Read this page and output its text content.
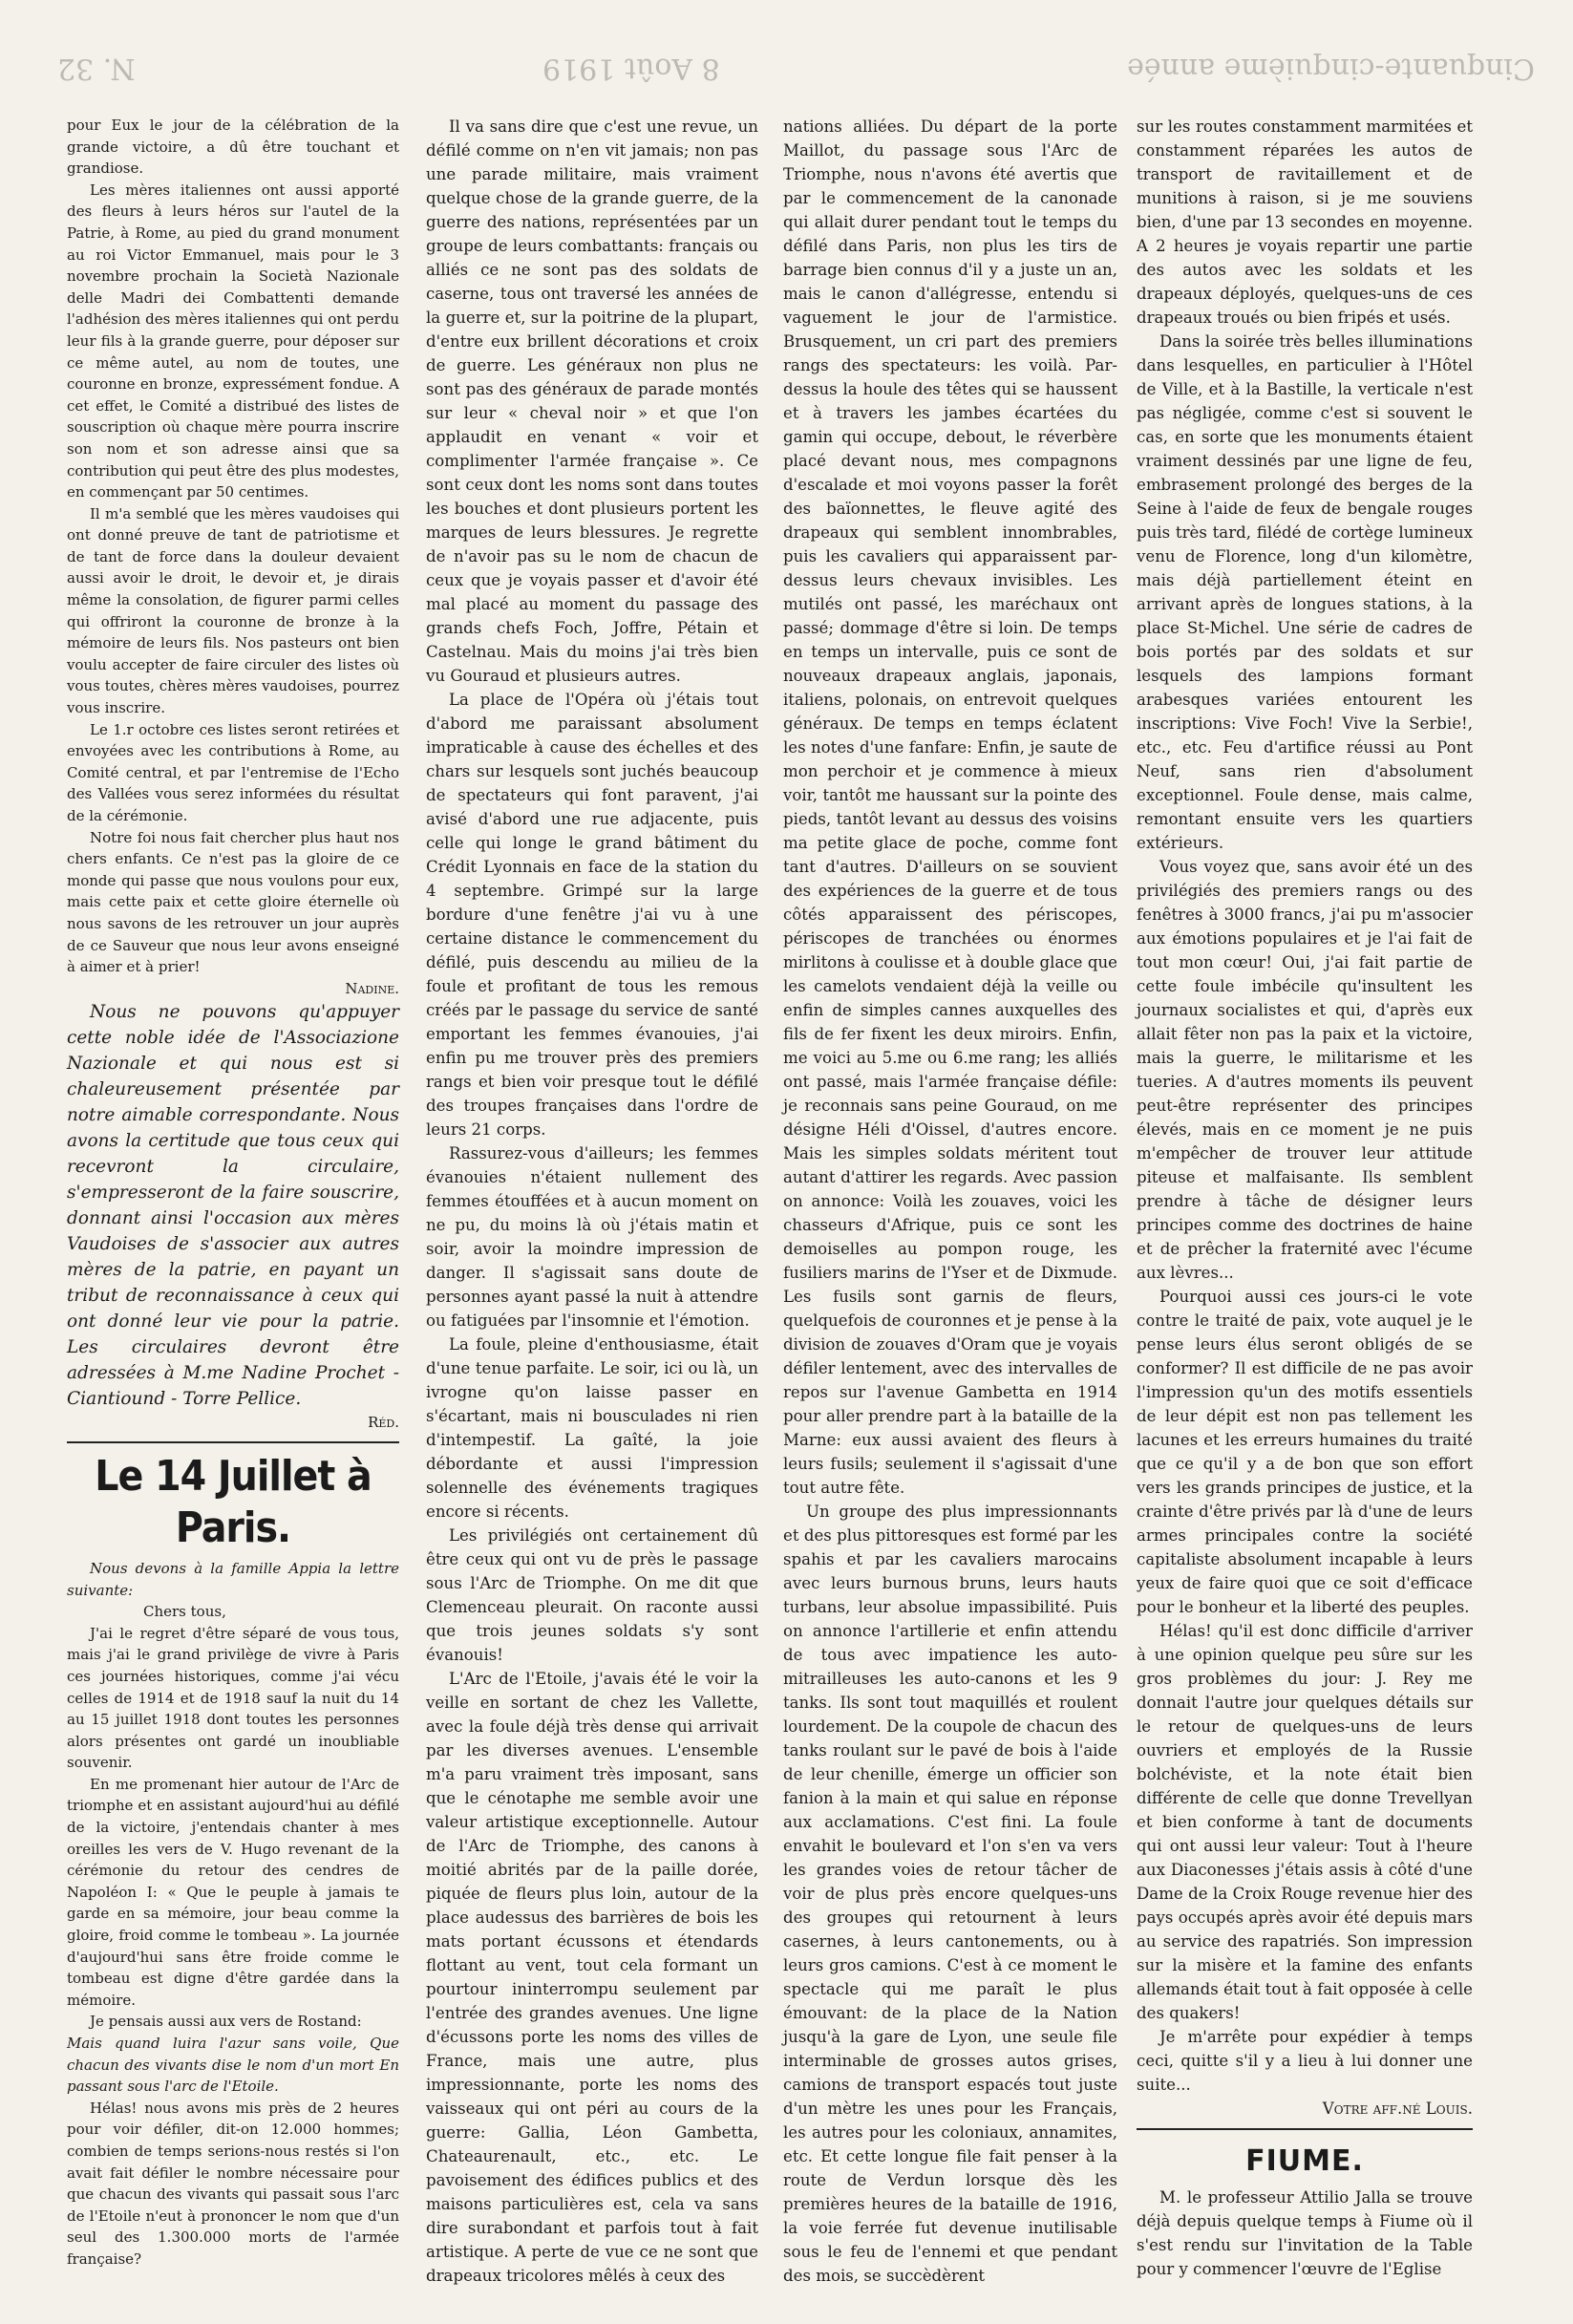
Cinquante-cinquième année
8 Août 1919
N. 32

pour Eux le jour de la célébration de la grande victoire, a dû être touchant et grandiose.

Les mères italiennes ont aussi apporté des fleurs à leurs héros sur l'autel de la Patrie, à Rome, au pied du grand monument au roi Victor Emmanuel, mais pour le 3 novembre prochain la Società Nazionale delle Madri dei Combattenti demande l'adhésion des mères italiennes qui ont perdu leur fils à la grande guerre, pour déposer sur ce même autel, au nom de toutes, une couronne en bronze, expressément fondue. A cet effet, le Comité a distribué des listes de souscription où chaque mère pourra inscrire son nom et son adresse ainsi que sa contribution qui peut être des plus modestes, en commençant par 50 centimes.

Il m'a semblé que les mères vaudoises qui ont donné preuve de tant de patriotisme et de tant de force dans la douleur devaient aussi avoir le droit, le devoir et, je dirais même la consolation, de figurer parmi celles qui offriront la couronne de bronze à la mémoire de leurs fils. Nos pasteurs ont bien voulu accepter de faire circuler des listes où vous toutes, chères mères vaudoises, pourrez vous inscrire.

Le 1.r octobre ces listes seront retirées et envoyées avec les contributions à Rome, au Comité central, et par l'entremise de l'Echo des Vallées vous serez informées du résultat de la cérémonie.

Notre foi nous fait chercher plus haut nos chers enfants. Ce n'est pas la gloire de ce monde qui passe que nous voulons pour eux, mais cette paix et cette gloire éternelle où nous savons de les retrouver un jour auprès de ce Sauveur que nous leur avons enseigné à aimer et à prier!

Nadine.

Nous ne pouvons qu'appuyer cette noble idée de l'Associazione Nazionale et qui nous est si chaleureusement présentée par notre aimable correspondante. Nous avons la certitude que tous ceux qui recevront la circulaire, s'empresseront de la faire souscrire, donnant ainsi l'occasion aux mères Vaudoises de s'associer aux autres mères de la patrie, en payant un tribut de reconnaissance à ceux qui ont donné leur vie pour la patrie. Les circulaires devront être adressées à M.me Nadine Prochet - Ciantiound - Torre Pellice.

Réd.
Le 14 Juillet à Paris.

Nous devons à la famille Appia la lettre suivante:

Chers tous,

J'ai le regret d'être séparé de vous tous, mais j'ai le grand privilège de vivre à Paris ces journées historiques, comme j'ai vécu celles de 1914 et de 1918 sauf la nuit du 14 au 15 juillet 1918 dont toutes les personnes alors présentes ont gardé un inoubliable souvenir.

En me promenant hier autour de l'Arc de triomphe et en assistant aujourd'hui au défilé de la victoire, j'entendais chanter à mes oreilles les vers de V. Hugo revenant de la cérémonie du retour des cendres de Napoléon I: « Que le peuple à jamais te garde en sa mémoire, jour beau comme la gloire, froid comme le tombeau ». La journée d'aujourd'hui sans être froide comme le tombeau est digne d'être gardée dans la mémoire.

Je pensais aussi aux vers de Rostand:

Mais quand luira l'azur sans voile, Que chacun des vivants dise le nom d'un mort En passant sous l'arc de l'Etoile.

Hélas! nous avons mis près de 2 heures pour voir défiler, dit-on 12.000 hommes; combien de temps serions-nous restés si l'on avait fait défiler le nombre nécessaire pour que chacun des vivants qui passait sous l'arc de l'Etoile n'eut à prononcer le nom que d'un seul des 1.300.000 morts de l'armée française?

Il va sans dire que c'est une revue, un défilé comme on n'en vit jamais; non pas une parade militaire, mais vraiment quelque chose de la grande guerre, de la guerre des nations, représentées par un groupe de leurs combattants: français ou alliés ce ne sont pas des soldats de caserne, tous ont traversé les années de la guerre et, sur la poitrine de la plupart, d'entre eux brillent décorations et croix de guerre. Les généraux non plus ne sont pas des généraux de parade montés sur leur « cheval noir » et que l'on applaudit en venant « voir et complimenter l'armée française ». Ce sont ceux dont les noms sont dans toutes les bouches et dont plusieurs portent les marques de leurs blessures. Je regrette de n'avoir pas su le nom de chacun de ceux que je voyais passer et d'avoir été mal placé au moment du passage des grands chefs Foch, Joffre, Pétain et Castelnau. Mais du moins j'ai très bien vu Gouraud et plusieurs autres.

La place de l'Opéra où j'étais tout d'abord me paraissant absolument impraticable à cause des échelles et des chars sur lesquels sont juchés beaucoup de spectateurs qui font paravent, j'ai avisé d'abord une rue adjacente, puis celle qui longe le grand bâtiment du Crédit Lyonnais en face de la station du 4 septembre. Grimpé sur la large bordure d'une fenêtre j'ai vu à une certaine distance le commencement du défilé, puis descendu au milieu de la foule et profitant de tous les remous créés par le passage du service de santé emportant les femmes évanouies, j'ai enfin pu me trouver près des premiers rangs et bien voir presque tout le défilé des troupes françaises dans l'ordre de leurs 21 corps.

Rassurez-vous d'ailleurs; les femmes évanouies n'étaient nullement des femmes étouffées et à aucun moment on ne pu, du moins là où j'étais matin et soir, avoir la moindre impression de danger. Il s'agissait sans doute de personnes ayant passé la nuit à attendre ou fatiguées par l'insomnie et l'émotion.

La foule, pleine d'enthousiasme, était d'une tenue parfaite. Le soir, ici ou là, un ivrogne qu'on laisse passer en s'écartant, mais ni bousculades ni rien d'intempestif. La gaîté, la joie débordante et aussi l'impression solennelle des événements tragiques encore si récents.

Les privilégiés ont certainement dû être ceux qui ont vu de près le passage sous l'Arc de Triomphe. On me dit que Clemenceau pleurait. On raconte aussi que trois jeunes soldats s'y sont évanouis!

L'Arc de l'Etoile, j'avais été le voir la veille en sortant de chez les Vallette, avec la foule déjà très dense qui arrivait par les diverses avenues. L'ensemble m'a paru vraiment très imposant, sans que le cénotaphe me semble avoir une valeur artistique exceptionnelle. Autour de l'Arc de Triomphe, des canons à moitié abrités par de la paille dorée, piquée de fleurs plus loin, autour de la place audessus des barrières de bois les mats portant écussons et étendards flottant au vent, tout cela formant un pourtour ininterrompu seulement par l'entrée des grandes avenues. Une ligne d'écussons porte les noms des villes de France, mais une autre, plus impressionnante, porte les noms des vaisseaux qui ont péri au cours de la guerre: Gallia, Léon Gambetta, Chateaurenault, etc., etc. Le pavoisement des édifices publics et des maisons particulières est, cela va sans dire surabondant et parfois tout à fait artistique. A perte de vue ce ne sont que drapeaux tricolores mêlés à ceux des

nations alliées. Du départ de la porte Maillot, du passage sous l'Arc de Triomphe, nous n'avons été avertis que par le commencement de la canonade qui allait durer pendant tout le temps du défilé dans Paris, non plus les tirs de barrage bien connus d'il y a juste un an, mais le canon d'allégresse, entendu si vaguement le jour de l'armistice. Brusquement, un cri part des premiers rangs des spectateurs: les voilà. Par-dessus la houle des têtes qui se haussent et à travers les jambes écartées du gamin qui occupe, debout, le réverbère placé devant nous, mes compagnons d'escalade et moi voyons passer la forêt des baïonnettes, le fleuve agité des drapeaux qui semblent innombrables, puis les cavaliers qui apparaissent par-dessus leurs chevaux invisibles. Les mutilés ont passé, les maréchaux ont passé; dommage d'être si loin. De temps en temps un intervalle, puis ce sont de nouveaux drapeaux anglais, japonais, italiens, polonais, on entrevoit quelques généraux. De temps en temps éclatent les notes d'une fanfare: Enfin, je saute de mon perchoir et je commence à mieux voir, tantôt me haussant sur la pointe des pieds, tantôt levant au dessus des voisins ma petite glace de poche, comme font tant d'autres. D'ailleurs on se souvient des expériences de la guerre et de tous côtés apparaissent des périscopes, périscopes de tranchées ou énormes mirlitons à coulisse et à double glace que les camelots vendaient déjà la veille ou enfin de simples cannes auxquelles des fils de fer fixent les deux miroirs. Enfin, me voici au 5.me ou 6.me rang; les alliés ont passé, mais l'armée française défile: je reconnais sans peine Gouraud, on me désigne Héli d'Oissel, d'autres encore. Mais les simples soldats méritent tout autant d'attirer les regards. Avec passion on annonce: Voilà les zouaves, voici les chasseurs d'Afrique, puis ce sont les demoiselles au pompon rouge, les fusiliers marins de l'Yser et de Dixmude. Les fusils sont garnis de fleurs, quelquefois de couronnes et je pense à la division de zouaves d'Oram que je voyais défiler lentement, avec des intervalles de repos sur l'avenue Gambetta en 1914 pour aller prendre part à la bataille de la Marne: eux aussi avaient des fleurs à leurs fusils; seulement il s'agissait d'une tout autre fête.

Un groupe des plus impressionnants et des plus pittoresques est formé par les spahis et par les cavaliers marocains avec leurs burnous bruns, leurs hauts turbans, leur absolue impassibilité. Puis on annonce l'artillerie et enfin attendu de tous avec impatience les auto-mitrailleuses les auto-canons et les 9 tanks. Ils sont tout maquillés et roulent lourdement. De la coupole de chacun des tanks roulant sur le pavé de bois à l'aide de leur chenille, émerge un officier son fanion à la main et qui salue en réponse aux acclamations. C'est fini. La foule envahit le boulevard et l'on s'en va vers les grandes voies de retour tâcher de voir de plus près encore quelques-uns des groupes qui retournent à leurs casernes, à leurs cantonements, ou à leurs gros camions. C'est à ce moment le spectacle qui me paraît le plus émouvant: de la place de la Nation jusqu'à la gare de Lyon, une seule file interminable de grosses autos grises, camions de transport espacés tout juste d'un mètre les unes pour les Français, les autres pour les coloniaux, annamites, etc. Et cette longue file fait penser à la route de Verdun lorsque dès les premières heures de la bataille de 1916, la voie ferrée fut devenue inutilisable sous le feu de l'ennemi et que pendant des mois, se succèdèrent

sur les routes constamment marmitées et constamment réparées les autos de transport de ravitaillement et de munitions à raison, si je me souviens bien, d'une par 13 secondes en moyenne. A 2 heures je voyais repartir une partie des autos avec les soldats et les drapeaux déployés, quelques-uns de ces drapeaux troués ou bien fripés et usés.

Dans la soirée très belles illuminations dans lesquelles, en particulier à l'Hôtel de Ville, et à la Bastille, la verticale n'est pas négligée, comme c'est si souvent le cas, en sorte que les monuments étaient vraiment dessinés par une ligne de feu, embrasement prolongé des berges de la Seine à l'aide de feux de bengale rouges puis très tard, filédé de cortège lumineux venu de Florence, long d'un kilomètre, mais déjà partiellement éteint en arrivant après de longues stations, à la place St-Michel. Une série de cadres de bois portés par des soldats et sur lesquels des lampions formant arabesques variées entourent les inscriptions: Vive Foch! Vive la Serbie!, etc., etc. Feu d'artifice réussi au Pont Neuf, sans rien d'absolument exceptionnel. Foule dense, mais calme, remontant ensuite vers les quartiers extérieurs.

Vous voyez que, sans avoir été un des privilégiés des premiers rangs ou des fenêtres à 3000 francs, j'ai pu m'associer aux émotions populaires et je l'ai fait de tout mon cœur! Oui, j'ai fait partie de cette foule imbécile qu'insultent les journaux socialistes et qui, d'après eux allait fêter non pas la paix et la victoire, mais la guerre, le militarisme et les tueries. A d'autres moments ils peuvent peut-être représenter des principes élevés, mais en ce moment je ne puis m'empêcher de trouver leur attitude piteuse et malfaisante. Ils semblent prendre à tâche de désigner leurs principes comme des doctrines de haine et de prêcher la fraternité avec l'écume aux lèvres...

Pourquoi aussi ces jours-ci le vote contre le traité de paix, vote auquel je le pense leurs élus seront obligés de se conformer? Il est difficile de ne pas avoir l'impression qu'un des motifs essentiels de leur dépit est non pas tellement les lacunes et les erreurs humaines du traité que ce qu'il y a de bon que son effort vers les grands principes de justice, et la crainte d'être privés par là d'une de leurs armes principales contre la société capitaliste absolument incapable à leurs yeux de faire quoi que ce soit d'efficace pour le bonheur et la liberté des peuples.

Hélas! qu'il est donc difficile d'arriver à une opinion quelque peu sûre sur les gros problèmes du jour: J. Rey me donnait l'autre jour quelques détails sur le retour de quelques-uns de leurs ouvriers et employés de la Russie bolchéviste, et la note était bien différente de celle que donne Trevellyan et bien conforme à tant de documents qui ont aussi leur valeur: Tout à l'heure aux Diaconesses j'étais assis à côté d'une Dame de la Croix Rouge revenue hier des pays occupés après avoir été depuis mars au service des rapatriés. Son impression sur la misère et la famine des enfants allemands était tout à fait opposée à celle des quakers!

Je m'arrête pour expédier à temps ceci, quitte s'il y a lieu à lui donner une suite...

Votre aff.né Louis.
FIUME.

M. le professeur Attilio Jalla se trouve déjà depuis quelque temps à Fiume où il s'est rendu sur l'invitation de la Table pour y commencer l'œuvre de l'Eglise
